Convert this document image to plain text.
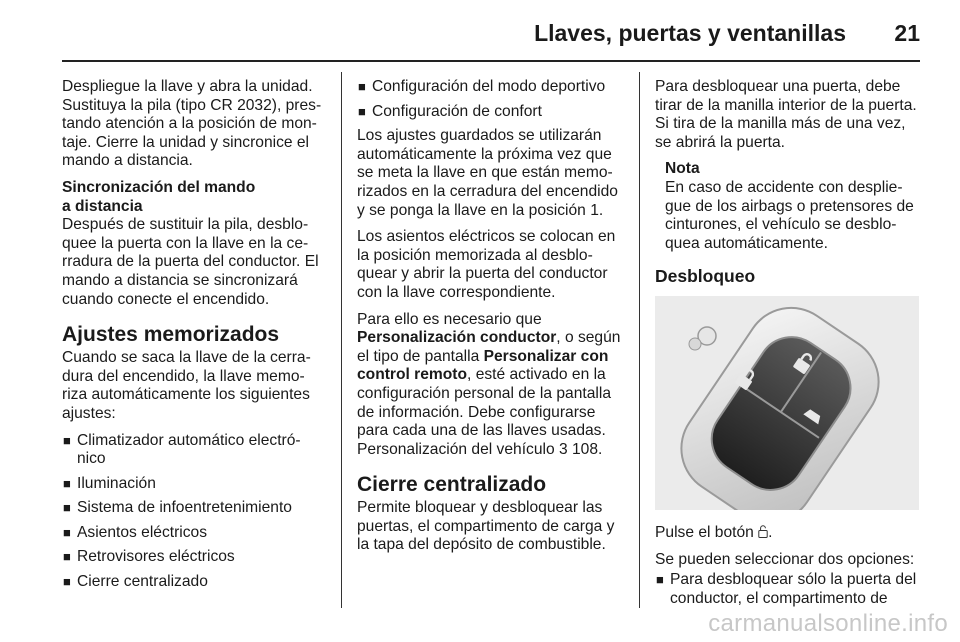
Llaves, puertas y ventanillas 21

Despliegue la llave y abra la unidad. Sustituya la pila (tipo CR 2032), pres- tando atención a la posición de mon- taje. Cierre la unidad y sincronice el mando a distancia.

Sincronización del mando
a distancia

Después de sustituir la pila, desblo- quee la puerta con la llave en la ce- rradura de la puerta del conductor. El mando a distancia se sincronizará cuando conecte el encendido.

Ajustes memorizados

Cuando se saca la llave de la cerra- dura del encendido, la llave memo- riza automáticamente los siguientes ajustes:

■ Climatizador automático electró- nico
■ Iluminación
■ Sistema de infoentretenimiento
■ Asientos eléctricos
■ Retrovisores eléctricos
■ Cierre centralizado
■ Configuración del modo deportivo
■ Configuración de confort

Los ajustes guardados se utilizarán automáticamente la próxima vez que se meta la llave en que están memo- rizados en la cerradura del encendido y se ponga la llave en la posición 1.

Los asientos eléctricos se colocan en la posición memorizada al desblo- quear y abrir la puerta del conductor con la llave correspondiente.

Para ello es necesario que
Personalización conductor, o según el tipo de pantalla Personalizar con control remoto, esté activado en la configuración personal de la pantalla de información. Debe configurarse para cada una de las llaves usadas. Personalización del vehículo 3 108.

Cierre centralizado

Permite bloquear y desbloquear las puertas, el compartimento de carga y la tapa del depósito de combustible.

Para desbloquear una puerta, debe tirar de la manilla interior de la puerta. Si tira de la manilla más de una vez, se abrirá la puerta.

Nota
En caso de accidente con desplie- gue de los airbags o pretensores de cinturones, el vehículo se desblo- quea automáticamente.
Desbloqueo

Pulse el botón .

Se pueden seleccionar dos opciones:

■ Para desbloquear sólo la puerta del conductor, el compartimento de
carmanualsonline.info
